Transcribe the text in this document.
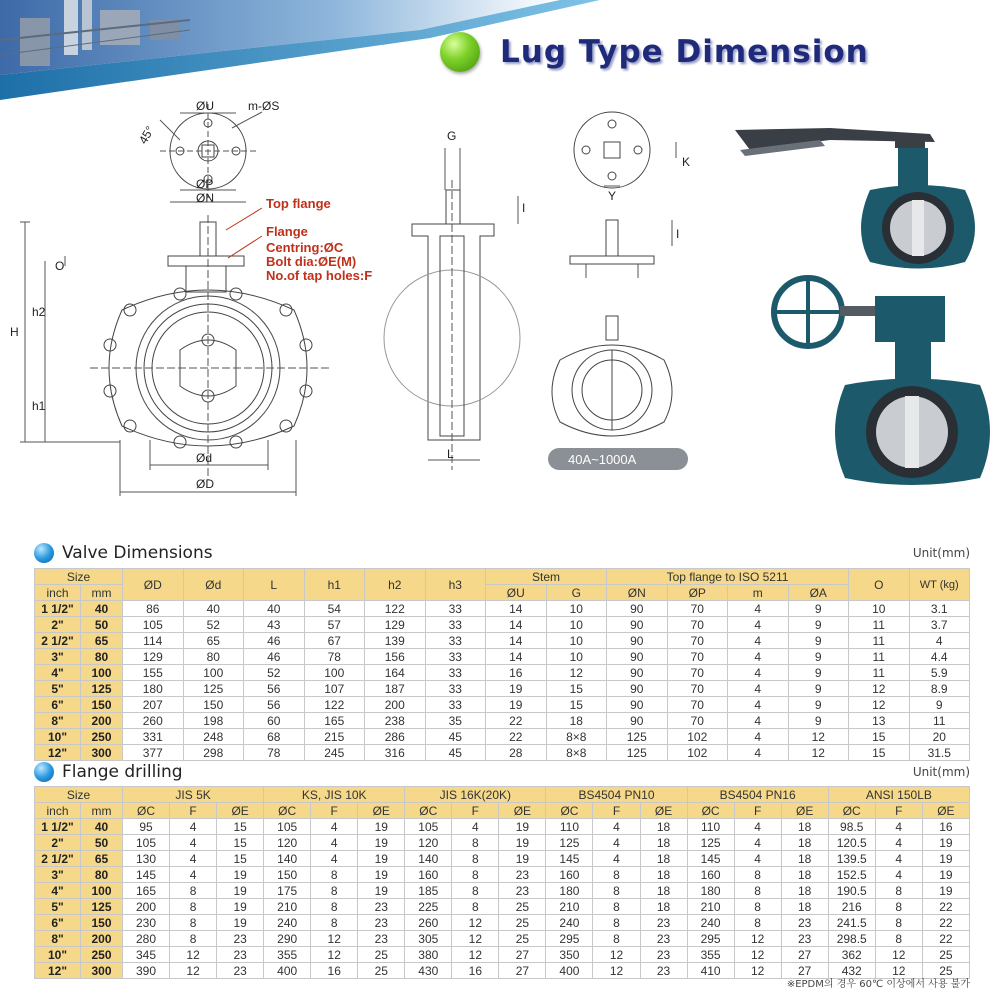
Lug Type Dimension
ØU	m-ØS
45°
ØP
ØN	Top flange
Flange
Centring:ØC
Bolt dia:ØE(M)
No.of tap holes:F
H
h2
h1
O
Ød
ØD
G
I
L
Y
K
I
40A~1000A
Valve Dimensions	Unit(mm)
Size		ØD	Ød	L	h1	h2	h3	Stem		Top flange to ISO 5211				O	WT (kg)
inch	mm							ØU	G	ØN	ØP	m	ØA		
1 1/2"	40	86	40	40	54	122	33	14	10	90	70	4	9	10	3.1
2"	50	105	52	43	57	129	33	14	10	90	70	4	9	11	3.7
2 1/2"	65	114	65	46	67	139	33	14	10	90	70	4	9	11	4
3"	80	129	80	46	78	156	33	14	10	90	70	4	9	11	4.4
4"	100	155	100	52	100	164	33	16	12	90	70	4	9	11	5.9
5"	125	180	125	56	107	187	33	19	15	90	70	4	9	12	8.9
6"	150	207	150	56	122	200	33	19	15	90	70	4	9	12	9
8"	200	260	198	60	165	238	35	22	18	90	70	4	9	13	11
10"	250	331	248	68	215	286	45	22	8×8	125	102	4	12	15	20
12"	300	377	298	78	245	316	45	28	8×8	125	102	4	12	15	31.5
Flange drilling	Unit(mm)
Size		JIS 5K			KS, JIS 10K			JIS 16K(20K)			BS4504 PN10			BS4504 PN16			ANSI 150LB		
inch	mm	ØC	F	ØE	ØC	F	ØE	ØC	F	ØE	ØC	F	ØE	ØC	F	ØE	ØC	F	ØE
1 1/2"	40	95	4	15	105	4	19	105	4	19	110	4	18	110	4	18	98.5	4	16
2"	50	105	4	15	120	4	19	120	8	19	125	4	18	125	4	18	120.5	4	19
2 1/2"	65	130	4	15	140	4	19	140	8	19	145	4	18	145	4	18	139.5	4	19
3"	80	145	4	19	150	8	19	160	8	23	160	8	18	160	8	18	152.5	4	19
4"	100	165	8	19	175	8	19	185	8	23	180	8	18	180	8	18	190.5	8	19
5"	125	200	8	19	210	8	23	225	8	25	210	8	18	210	8	18	216	8	22
6"	150	230	8	19	240	8	23	260	12	25	240	8	23	240	8	23	241.5	8	22
8"	200	280	8	23	290	12	23	305	12	25	295	8	23	295	12	23	298.5	8	22
10"	250	345	12	23	355	12	25	380	12	27	350	12	23	355	12	27	362	12	25
12"	300	390	12	23	400	16	25	430	16	27	400	12	23	410	12	27	432	12	25
※EPDM의 경우 60℃ 이상에서 사용 불가
